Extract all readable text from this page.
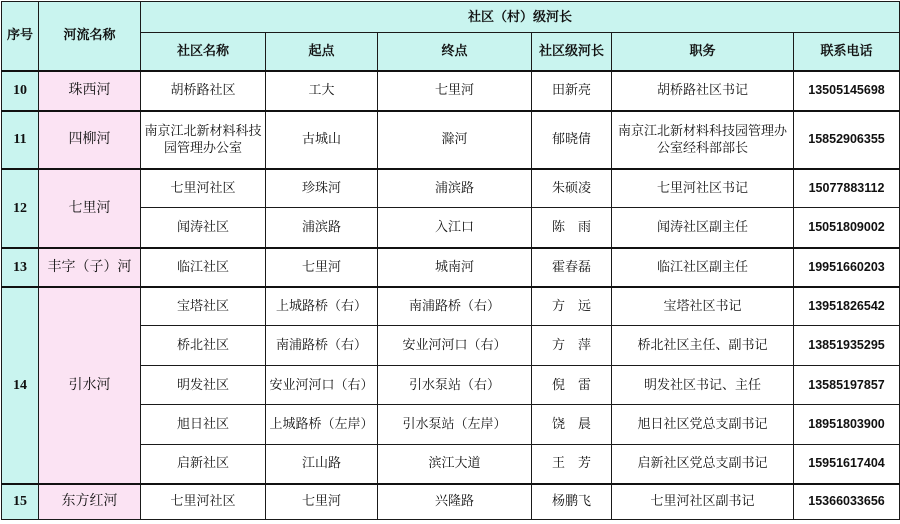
序号	河流名称	社区（村）级河长					
		社区名称	起点	终点	社区级河长	职务	联系电话
10	珠西河	胡桥路社区	工大	七里河	田新亮	胡桥路社区书记	13505145698
11	四柳河	南京江北新材料科技园管理办公室	古城山	滁河	郁晓倩	南京江北新材料科技园管理办公室经科部部长	15852906355
12	七里河	七里河社区	珍珠河	浦滨路	朱硕凌	七里河社区书记	15077883112
		闻涛社区	浦滨路	入江口	陈　雨	闻涛社区副主任	15051809002
13	丰字（子）河	临江社区	七里河	城南河	霍春磊	临江社区副主任	19951660203
14	引水河	宝塔社区	上城路桥（右）	南浦路桥（右）	方　远	宝塔社区书记	13951826542
		桥北社区	南浦路桥（右）	安业河河口（右）	方　萍	桥北社区主任、副书记	13851935295
		明发社区	安业河河口（右）	引水泵站（右）	倪　雷	明发社区书记、主任	13585197857
		旭日社区	上城路桥（左岸）	引水泵站（左岸）	饶　晨	旭日社区党总支副书记	18951803900
		启新社区	江山路	滨江大道	王　芳	启新社区党总支副书记	15951617404
15	东方红河	七里河社区	七里河	兴隆路	杨鹏飞	七里河社区副书记	15366033656
